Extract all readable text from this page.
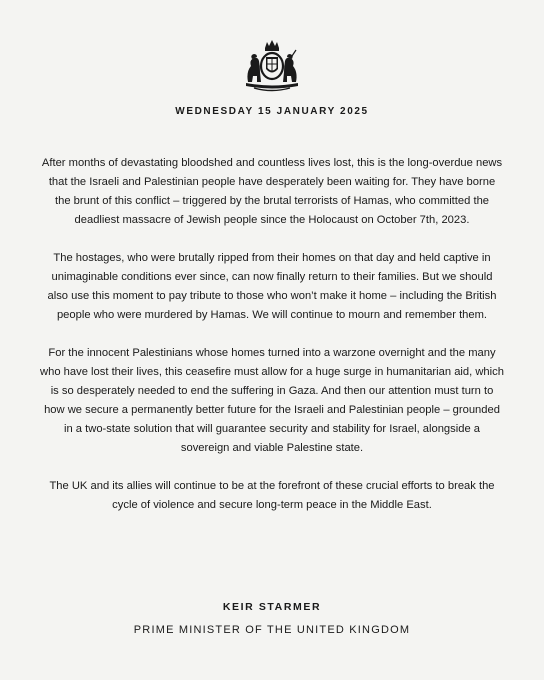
WEDNESDAY 15 JANUARY 2025

After months of devastating bloodshed and countless lives lost, this is the long-overdue news that the Israeli and Palestinian people have desperately been waiting for. They have borne the brunt of this conflict – triggered by the brutal terrorists of Hamas, who committed the deadliest massacre of Jewish people since the Holocaust on October 7th, 2023.

The hostages, who were brutally ripped from their homes on that day and held captive in unimaginable conditions ever since, can now finally return to their families. But we should also use this moment to pay tribute to those who won’t make it home – including the British people who were murdered by Hamas. We will continue to mourn and remember them.

For the innocent Palestinians whose homes turned into a warzone overnight and the many who have lost their lives, this ceasefire must allow for a huge surge in humanitarian aid, which is so desperately needed to end the suffering in Gaza. And then our attention must turn to how we secure a permanently better future for the Israeli and Palestinian people – grounded in a two-state solution that will guarantee security and stability for Israel, alongside a sovereign and viable Palestine state.

The UK and its allies will continue to be at the forefront of these crucial efforts to break the cycle of violence and secure long-term peace in the Middle East.

KEIR STARMER
PRIME MINISTER OF THE UNITED KINGDOM
